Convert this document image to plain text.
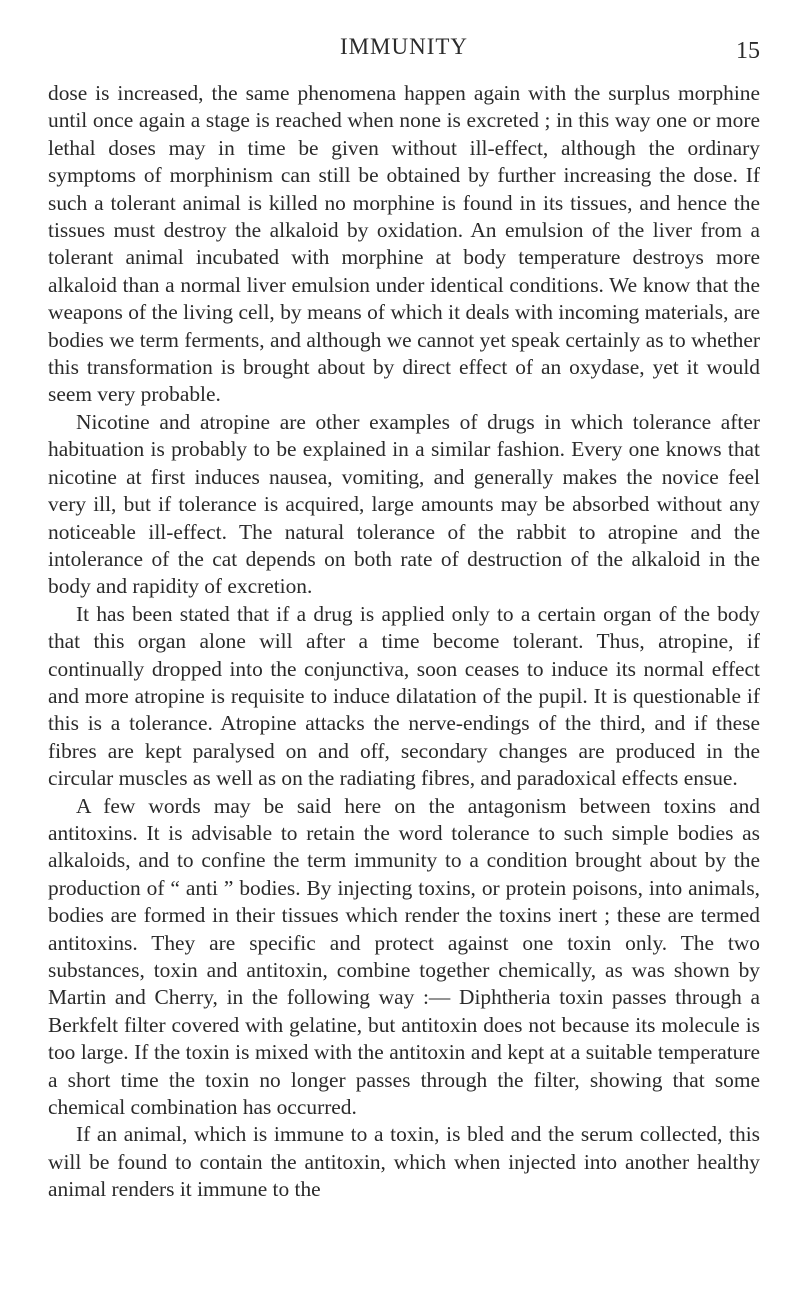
IMMUNITY	15

dose is increased, the same phenomena happen again with the surplus morphine until once again a stage is reached when none is excreted ; in this way one or more lethal doses may in time be given without ill-effect, although the ordinary symptoms of morphinism can still be obtained by further increasing the dose. If such a tolerant animal is killed no morphine is found in its tissues, and hence the tissues must destroy the alkaloid by oxidation. An emulsion of the liver from a tolerant animal incubated with morphine at body temperature destroys more alkaloid than a normal liver emulsion under identical conditions. We know that the weapons of the living cell, by means of which it deals with incoming materials, are bodies we term ferments, and although we cannot yet speak certainly as to whether this transformation is brought about by direct effect of an oxydase, yet it would seem very probable.

Nicotine and atropine are other examples of drugs in which tolerance after habituation is probably to be explained in a similar fashion. Every one knows that nicotine at first induces nausea, vomiting, and generally makes the novice feel very ill, but if tolerance is acquired, large amounts may be absorbed without any noticeable ill-effect. The natural tolerance of the rabbit to atropine and the intolerance of the cat depends on both rate of destruction of the alkaloid in the body and rapidity of excretion.

It has been stated that if a drug is applied only to a certain organ of the body that this organ alone will after a time become tolerant. Thus, atropine, if continually dropped into the conjunctiva, soon ceases to induce its normal effect and more atropine is requisite to induce dilatation of the pupil. It is questionable if this is a tolerance. Atropine attacks the nerve-endings of the third, and if these fibres are kept paralysed on and off, secondary changes are produced in the circular muscles as well as on the radiating fibres, and paradoxical effects ensue.

A few words may be said here on the antagonism between toxins and antitoxins. It is advisable to retain the word tolerance to such simple bodies as alkaloids, and to confine the term immunity to a condition brought about by the production of “ anti ” bodies. By injecting toxins, or protein poisons, into animals, bodies are formed in their tissues which render the toxins inert ; these are termed antitoxins. They are specific and protect against one toxin only. The two substances, toxin and antitoxin, combine together chemically, as was shown by Martin and Cherry, in the following way :— Diphtheria toxin passes through a Berkfelt filter covered with gelatine, but antitoxin does not because its molecule is too large. If the toxin is mixed with the antitoxin and kept at a suitable temperature a short time the toxin no longer passes through the filter, showing that some chemical combination has occurred.

If an animal, which is immune to a toxin, is bled and the serum collected, this will be found to contain the antitoxin, which when injected into another healthy animal renders it immune to the
